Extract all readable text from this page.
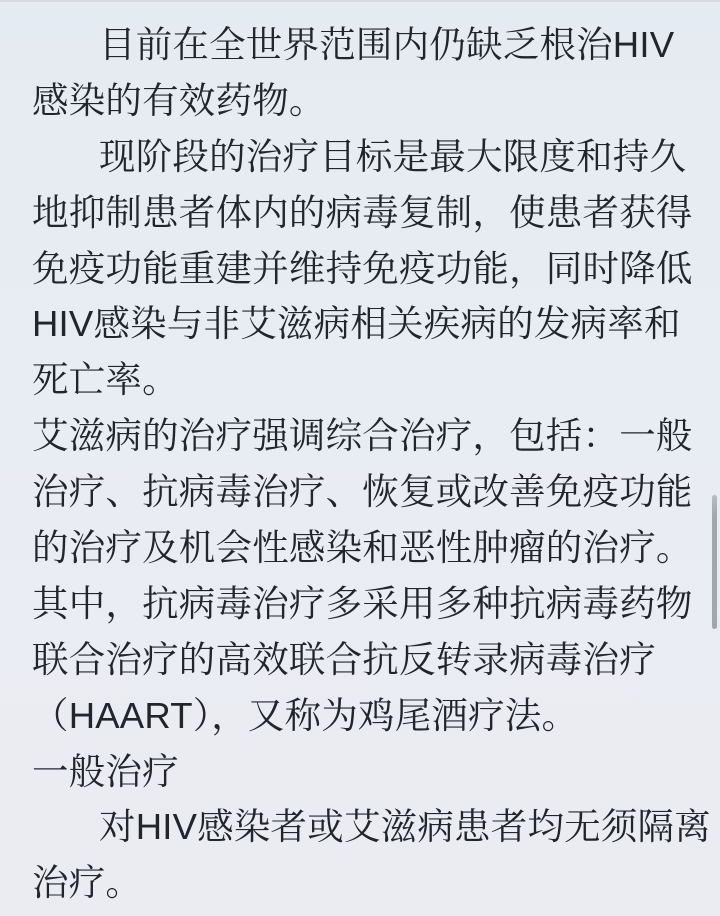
目前在全世界范围内仍缺乏根治HIV
感染的有效药物。
现阶段的治疗目标是最大限度和持久
地抑制患者体内的病毒复制，使患者获得
免疫功能重建并维持免疫功能，同时降低
HIV感染与非艾滋病相关疾病的发病率和
死亡率。
艾滋病的治疗强调综合治疗，包括：一般
治疗、抗病毒治疗、恢复或改善免疫功能
的治疗及机会性感染和恶性肿瘤的治疗。
其中，抗病毒治疗多采用多种抗病毒药物
联合治疗的高效联合抗反转录病毒治疗
（HAART），又称为鸡尾酒疗法。
一般治疗
对HIV感染者或艾滋病患者均无须隔离
治疗。
